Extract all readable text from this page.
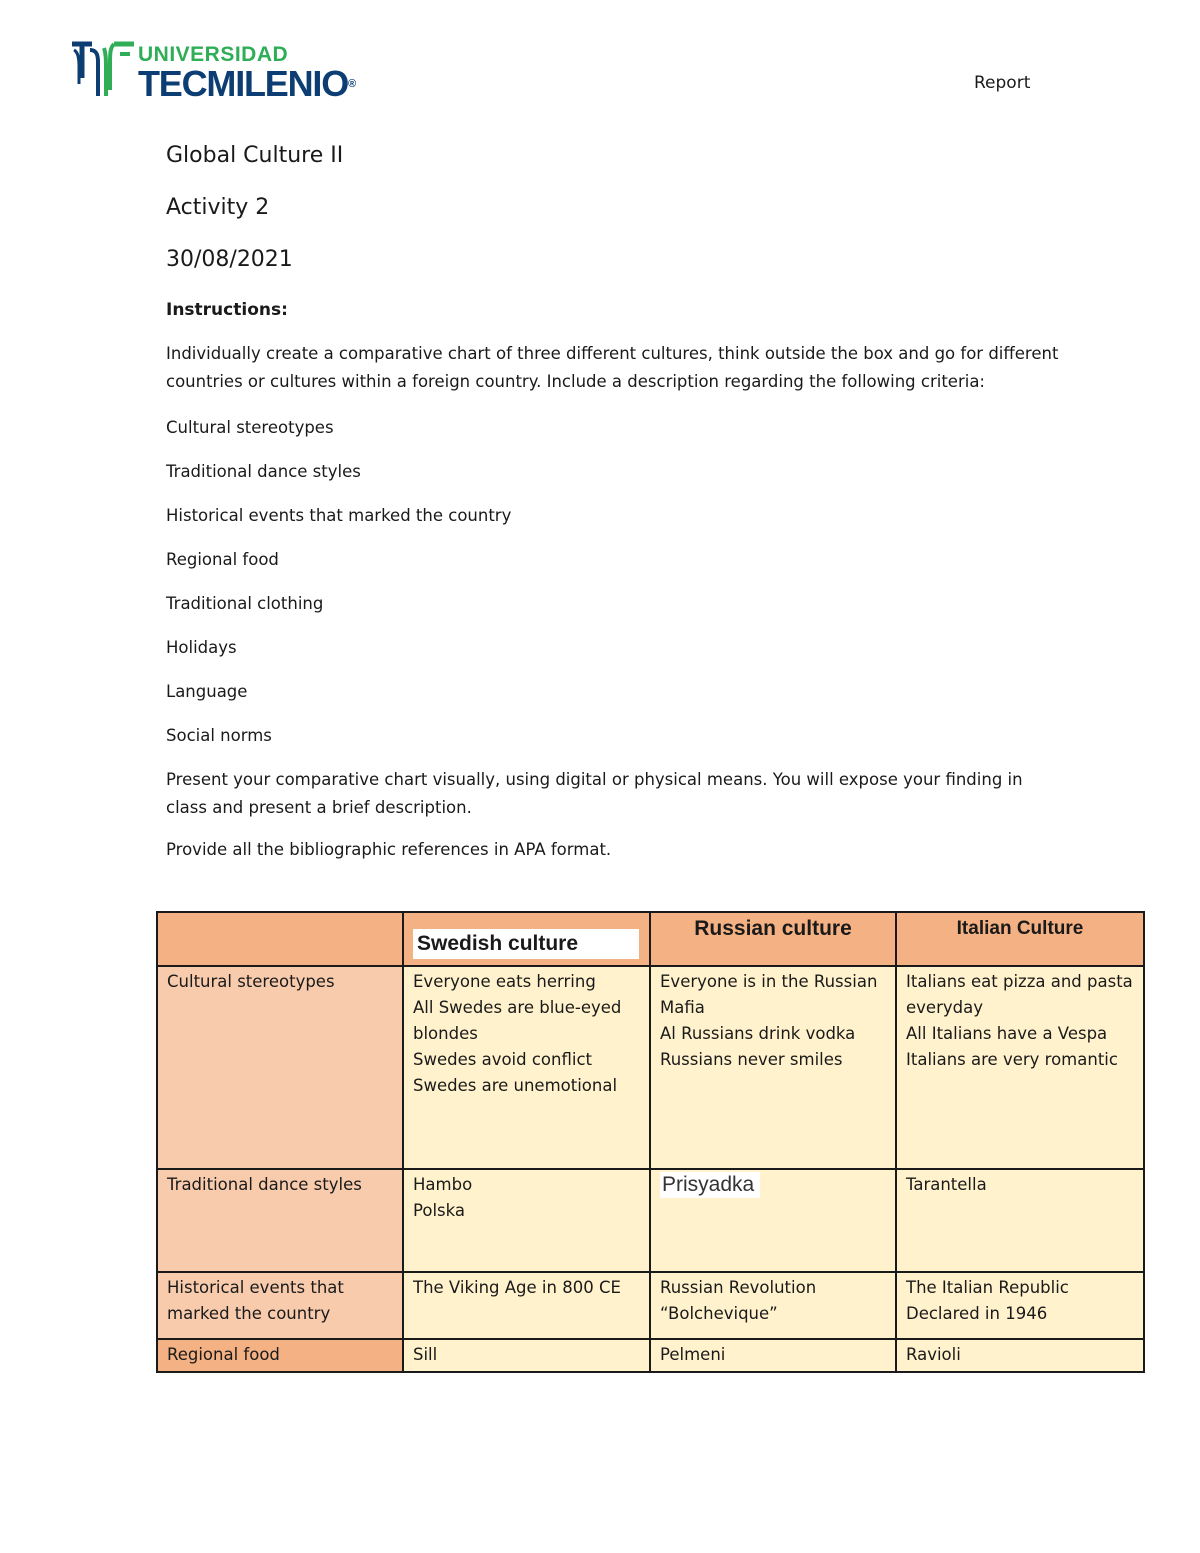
UNIVERSIDAD
TECMILENIO®	Report

Global Culture II

Activity 2

30/08/2021

Instructions:
Individually create a comparative chart of three different cultures, think outside the box and go for different countries or cultures within a foreign country. Include a description regarding the following criteria:
Cultural stereotypes
Traditional dance styles
Historical events that marked the country
Regional food
Traditional clothing
Holidays
Language
Social norms
Present your comparative chart visually, using digital or physical means. You will expose your finding in class and present a brief description.
Provide all the bibliographic references in APA format.

	Swedish culture	Russian culture	Italian Culture

Cultural stereotypes	Everyone eats herring
All Swedes are blue-eyed blondes
Swedes avoid conflict
Swedes are unemotional	Everyone is in the Russian Mafia
Al Russians drink vodka
Russians never smiles	Italians eat pizza and pasta everyday
All Italians have a Vespa
Italians are very romantic

Traditional dance styles	Hambo
Polska	Prisyadka	Tarantella

Historical events that marked the country	The Viking Age in 800 CE	Russian Revolution
“Bolchevique”	The Italian Republic Declared in 1946

Regional food	Sill	Pelmeni	Ravioli
